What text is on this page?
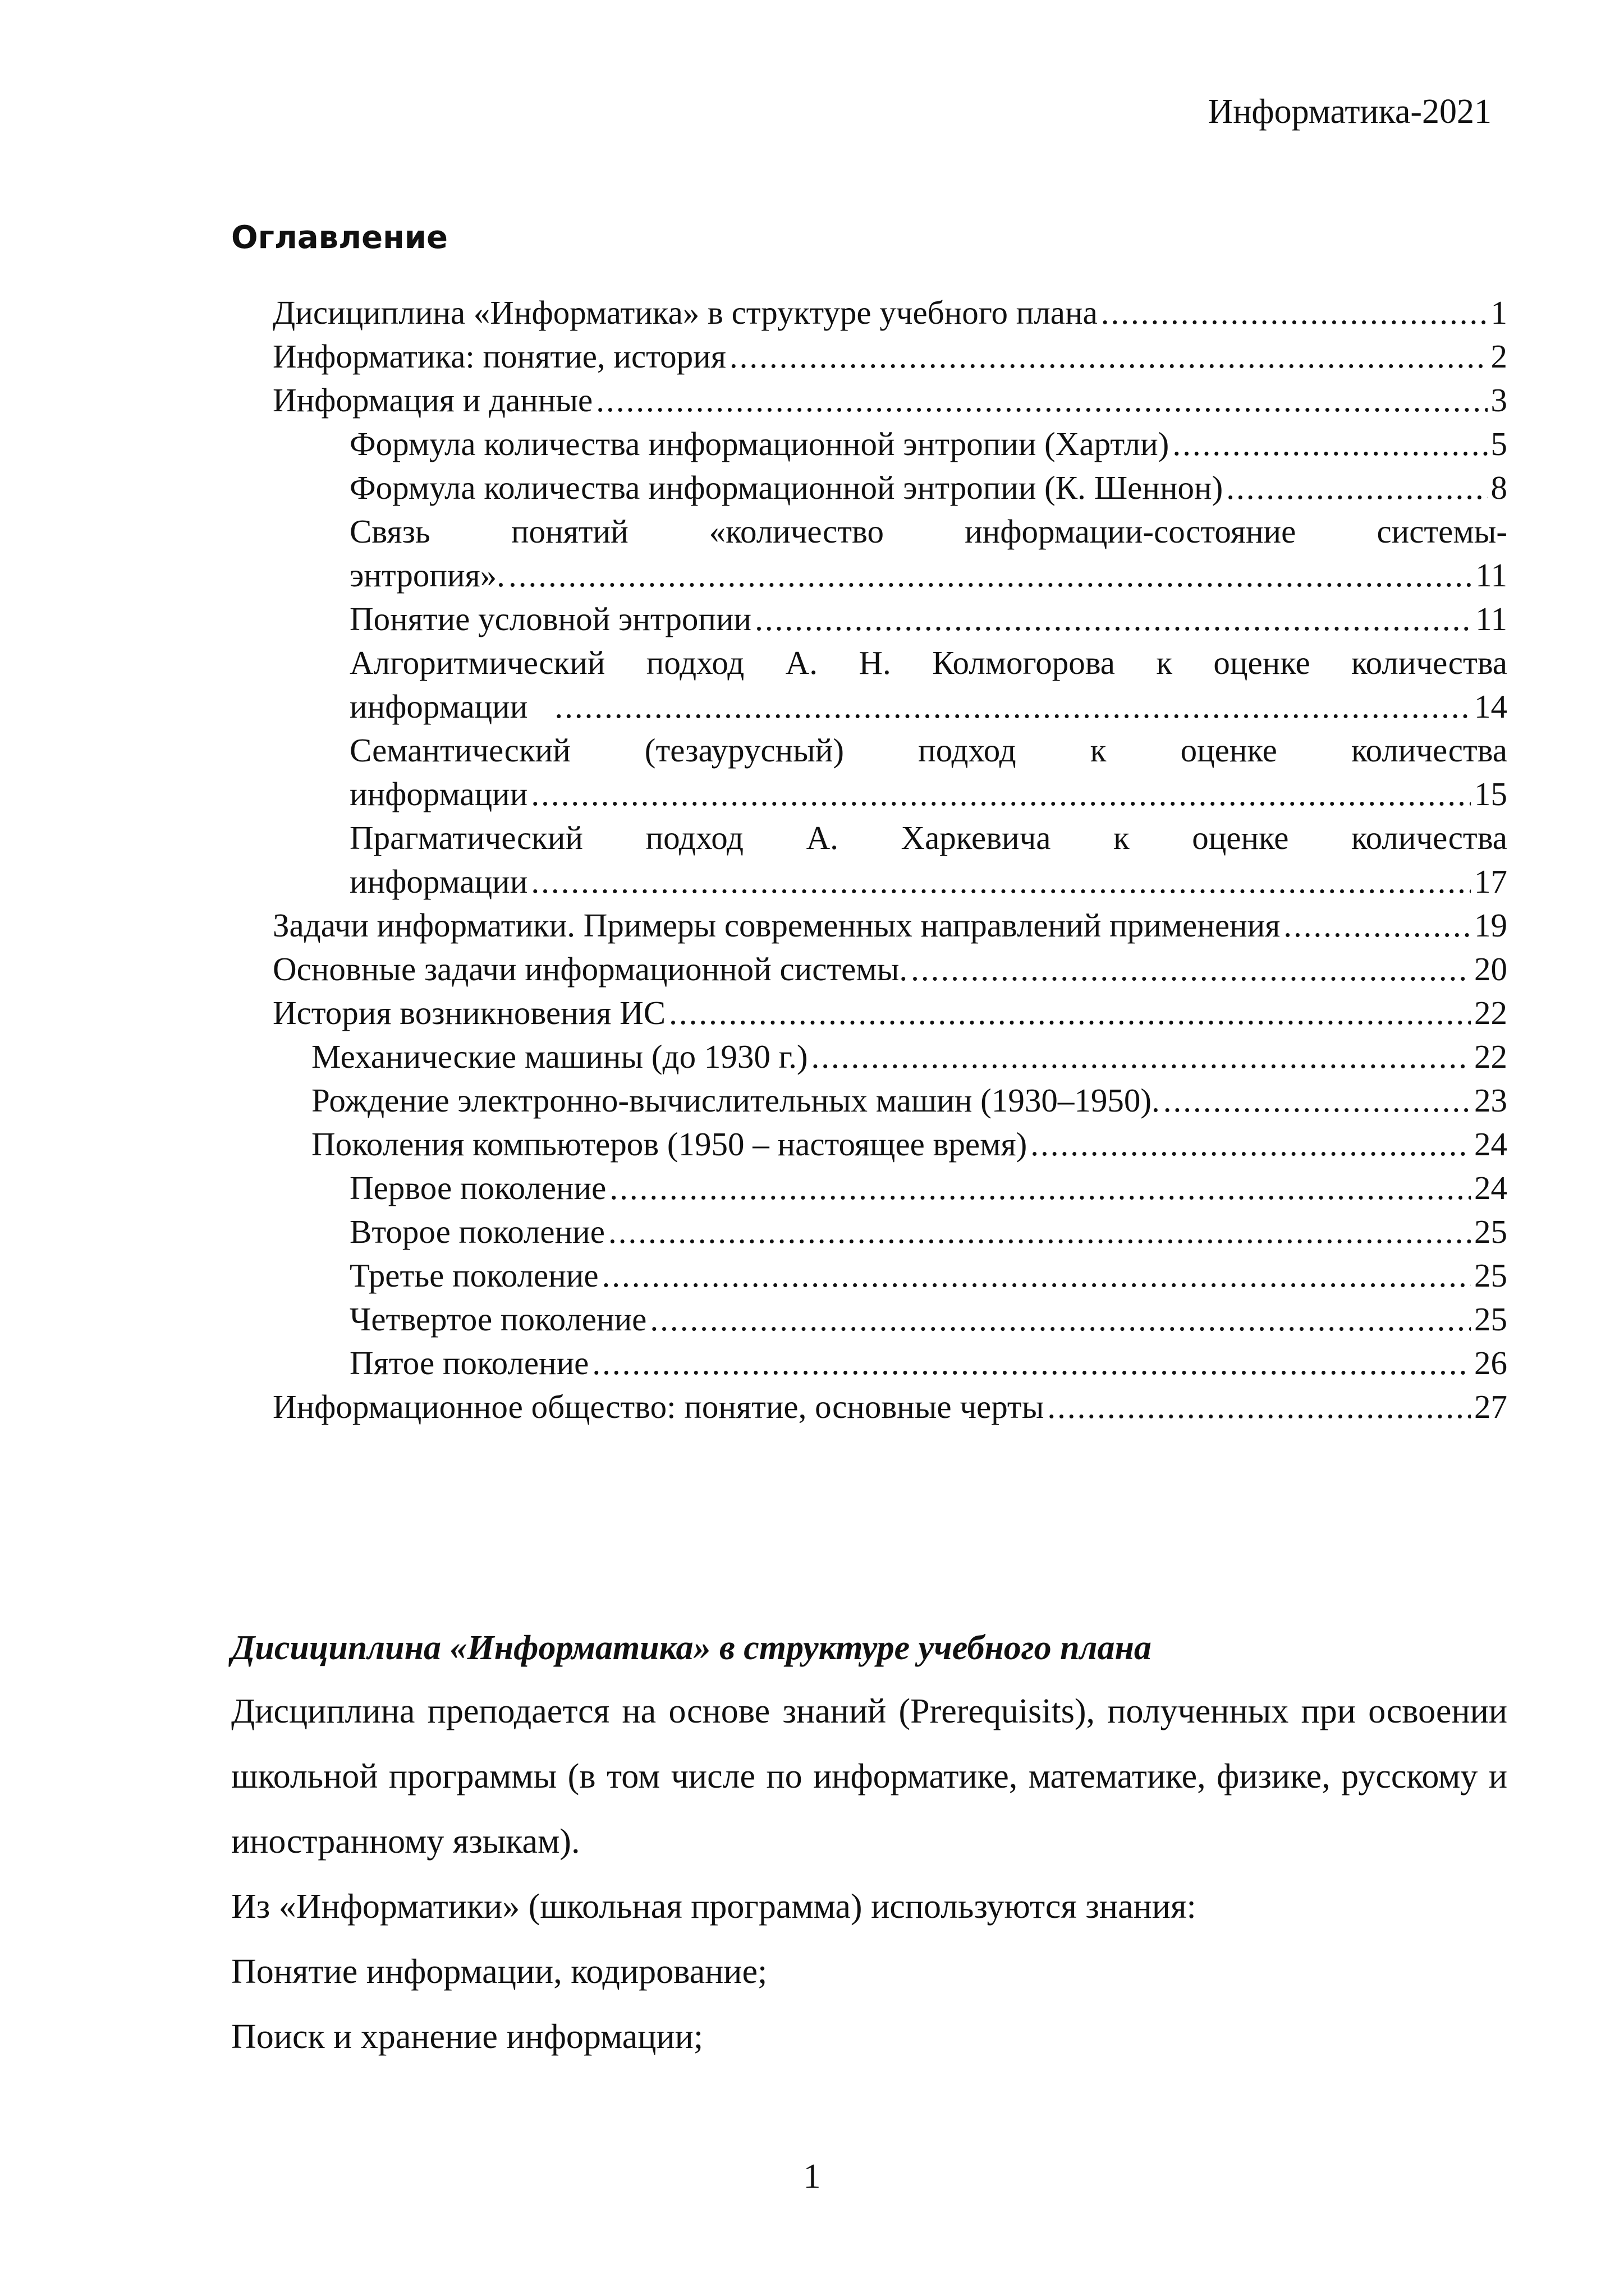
Информатика-2021
Оглавление
Дисициплина «Информатика» в структуре учебного плана .....	1
Информатика: понятие, история .....	2
Информация и данные .....	3
Формула количества информационной энтропии (Хартли) .....	5
Формула количества информационной энтропии (К. Шеннон) .....	8
Связь понятий «количество информации-состояние системы-
энтропия». .....	11
Понятие условной энтропии .....	11
Алгоритмический подход А. Н. Колмогорова к оценке количества
информации .....	14
Семантический (тезаурусный) подход к оценке количества
информации .....	15
Прагматический подход А. Харкевича к оценке количества
информации .....	17
Задачи информатики. Примеры современных направлений применения .....	19
Основные задачи информационной системы. .....	20
История возникновения ИС .....	22
Механические машины (до 1930 г.) .....	22
Рождение электронно-вычислительных машин (1930–1950). .....	23
Поколения компьютеров (1950 – настоящее время) .....	24
Первое поколение .....	24
Второе поколение .....	25
Третье поколение .....	25
Четвертое поколение .....	25
Пятое поколение .....	26
Информационное общество: понятие, основные черты .....	27
Дисициплина «Информатика» в структуре учебного плана

Дисциплина преподается на основе знаний (Prerequisits), полученных при освоении школьной программы (в том числе по информатике, математике, физике, русскому и иностранному языкам).

Из «Информатики» (школьная программа) используются знания:

Понятие информации, кодирование;

Поиск и хранение информации;

1
